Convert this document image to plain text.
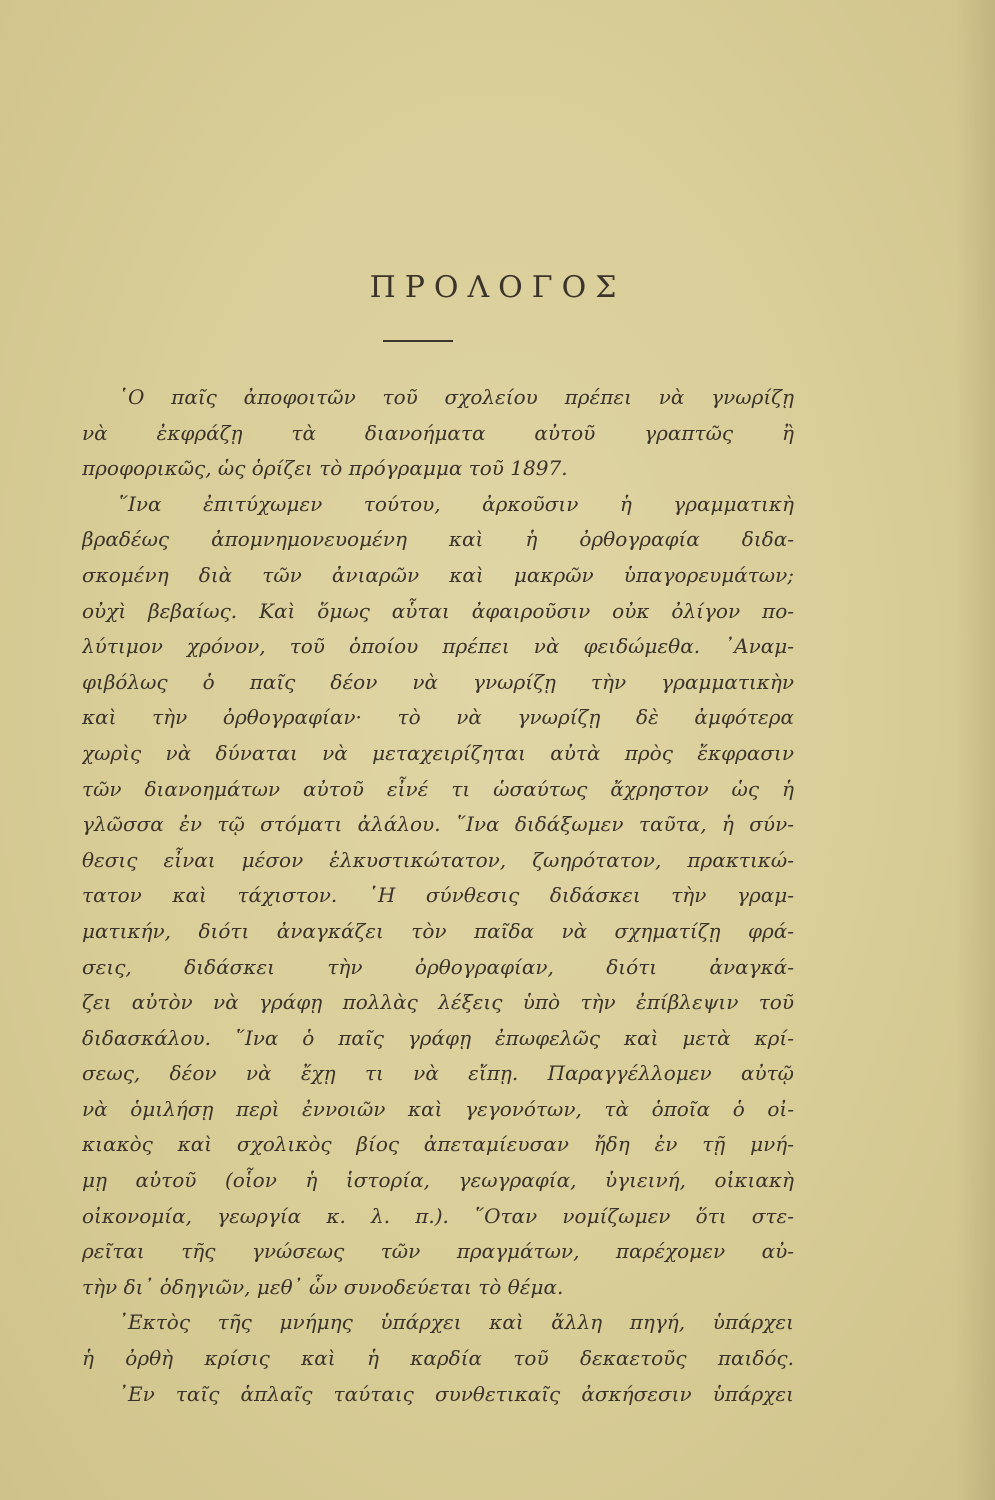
ΠΡΟΛΟΓΟΣ
῾Ο παῖς ἀποφοιτῶν τοῦ σχολείου πρέπει νὰ γνωρίζῃ
νὰ ἐκφράζῃ τὰ διανοήματα αὐτοῦ γραπτῶς ἢ
προφορικῶς, ὡς ὁρίζει τὸ πρόγραμμα τοῦ 1897.
῞Ινα ἐπιτύχωμεν τούτου, ἀρκοῦσιν ἡ γραμματικὴ
βραδέως ἀπομνημονευομένη καὶ ἡ ὀρθογραφία διδα-
σκομένη διὰ τῶν ἀνιαρῶν καὶ μακρῶν ὑπαγορευμάτων;
οὐχὶ βεβαίως. Καὶ ὅμως αὗται ἀφαιροῦσιν οὐκ ὀλίγον πο-
λύτιμον χρόνον, τοῦ ὁποίου πρέπει νὰ φειδώμεθα. ᾿Αναμ-
φιβόλως ὁ παῖς δέον νὰ γνωρίζῃ τὴν γραμματικὴν
καὶ τὴν ὀρθογραφίαν· τὸ νὰ γνωρίζῃ δὲ ἀμφότερα
χωρὶς νὰ δύναται νὰ μεταχειρίζηται αὐτὰ πρὸς ἔκφρασιν
τῶν διανοημάτων αὐτοῦ εἶνέ τι ὡσαύτως ἄχρηστον ὡς ἡ
γλῶσσα ἐν τῷ στόματι ἀλάλου. ῞Ινα διδάξωμεν ταῦτα, ἡ σύν-
θεσις εἶναι μέσον ἑλκυστικώτατον, ζωηρότατον, πρακτικώ-
τατον καὶ τάχιστον. ῾Η σύνθεσις διδάσκει τὴν γραμ-
ματικήν, διότι ἀναγκάζει τὸν παῖδα νὰ σχηματίζῃ φρά-
σεις, διδάσκει τὴν ὀρθογραφίαν, διότι ἀναγκά-
ζει αὐτὸν νὰ γράφῃ πολλὰς λέξεις ὑπὸ τὴν ἐπίβλεψιν τοῦ
διδασκάλου. ῞Ινα ὁ παῖς γράφῃ ἐπωφελῶς καὶ μετὰ κρί-
σεως, δέον νὰ ἔχῃ τι νὰ εἴπῃ. Παραγγέλλομεν αὐτῷ
νὰ ὁμιλήσῃ περὶ ἐννοιῶν καὶ γεγονότων, τὰ ὁποῖα ὁ οἰ-
κιακὸς καὶ σχολικὸς βίος ἀπεταμίευσαν ἤδη ἐν τῇ μνή-
μῃ αὐτοῦ (οἷον ἡ ἱστορία, γεωγραφία, ὑγιεινή, οἰκιακὴ
οἰκονομία, γεωργία κ. λ. π.). ῞Οταν νομίζωμεν ὅτι στε-
ρεῖται τῆς γνώσεως τῶν πραγμάτων, παρέχομεν αὐ-
τὴν δι᾿ ὁδηγιῶν, μεθ᾿ ὧν συνοδεύεται τὸ θέμα.
᾿Εκτὸς τῆς μνήμης ὑπάρχει καὶ ἄλλη πηγή, ὑπάρχει
ἡ ὀρθὴ κρίσις καὶ ἡ καρδία τοῦ δεκαετοῦς παιδός.
᾿Εν ταῖς ἁπλαῖς ταύταις συνθετικαῖς ἀσκήσεσιν ὑπάρχει
